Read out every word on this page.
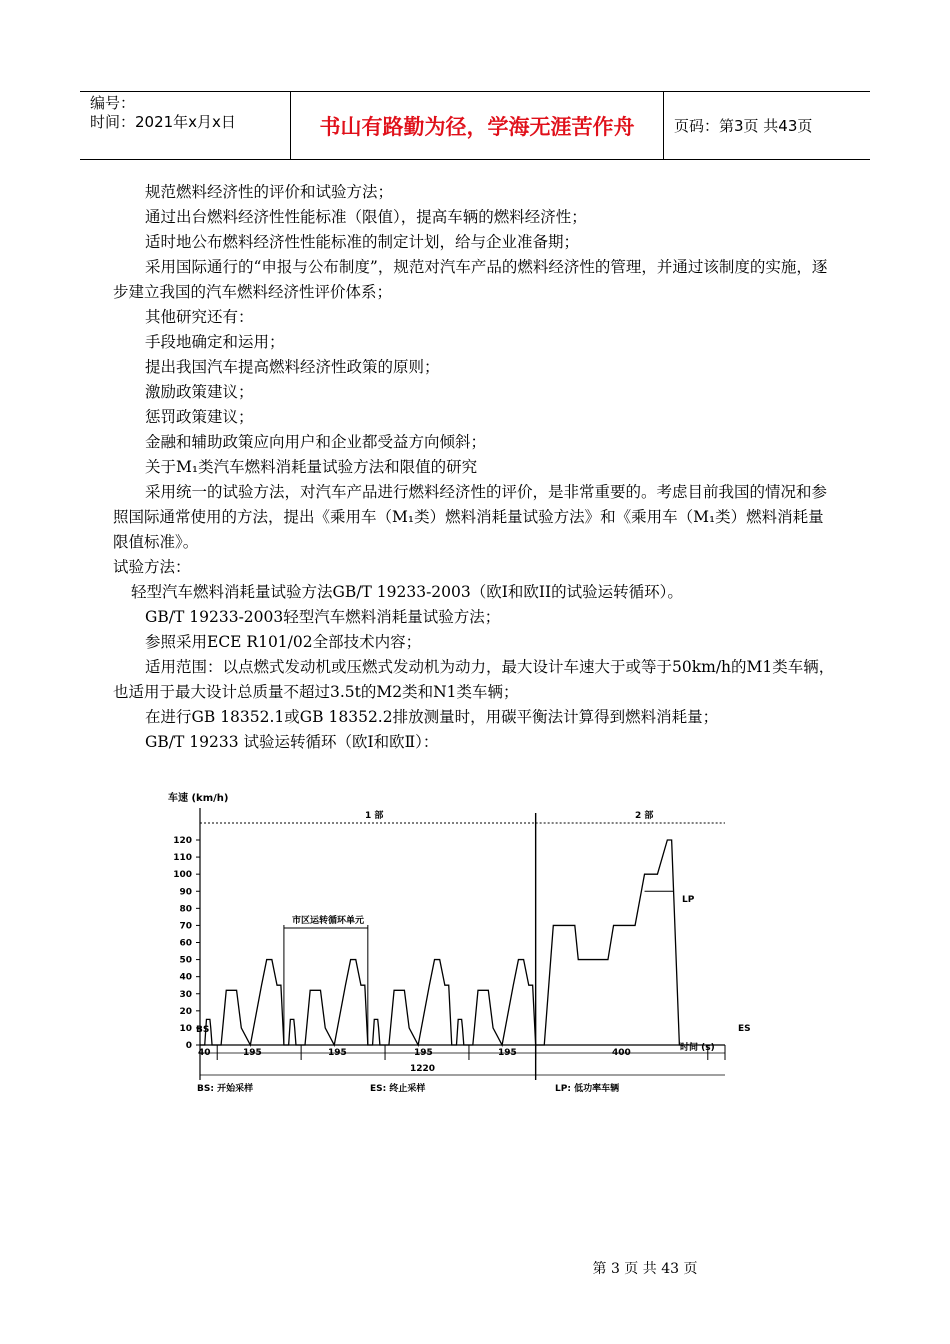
编号：
时间：2021年x月x日	书山有路勤为径，学海无涯苦作舟	页码：第3页 共43页

规范燃料经济性的评价和试验方法；

通过出台燃料经济性性能标准（限值），提高车辆的燃料经济性；

适时地公布燃料经济性性能标准的制定计划，给与企业准备期；

采用国际通行的“申报与公布制度”，规范对汽车产品的燃料经济性的管理，并通过该制度的实施，逐步建立我国的汽车燃料经济性评价体系；

其他研究还有：

手段地确定和运用；

提出我国汽车提高燃料经济性政策的原则；

激励政策建议；

惩罚政策建议；

金融和辅助政策应向用户和企业都受益方向倾斜；

关于M₁类汽车燃料消耗量试验方法和限值的研究

采用统一的试验方法，对汽车产品进行燃料经济性的评价，是非常重要的。考虑目前我国的情况和参照国际通常使用的方法，提出《乘用车（M₁类）燃料消耗量试验方法》和《乘用车（M₁类）燃料消耗量限值标准》。

试验方法：

轻型汽车燃料消耗量试验方法GB/T 19233-2003（欧I和欧II的试验运转循环）。

GB/T 19233-2003轻型汽车燃料消耗量试验方法；

参照采用ECE R101/02全部技术内容；

适用范围：以点燃式发动机或压燃式发动机为动力，最大设计车速大于或等于50km/h的M1类车辆，也适用于最大设计总质量不超过3.5t的M2类和N1类车辆；

在进行GB 18352.1或GB 18352.2排放测量时，用碳平衡法计算得到燃料消耗量；

GB/T 19233 试验运转循环（欧Ⅰ和欧Ⅱ）：

车速 (km/h)
1 部	2 部
市区运转循环单元
LP
BS	ES
时间 (s)
40	195	195	195	195	400
1220
BS: 开始采样	ES: 终止采样	LP: 低功率车辆
0
10
20
30
40
50
60
70
80
90
100
110
120
第 3 页 共 43 页
